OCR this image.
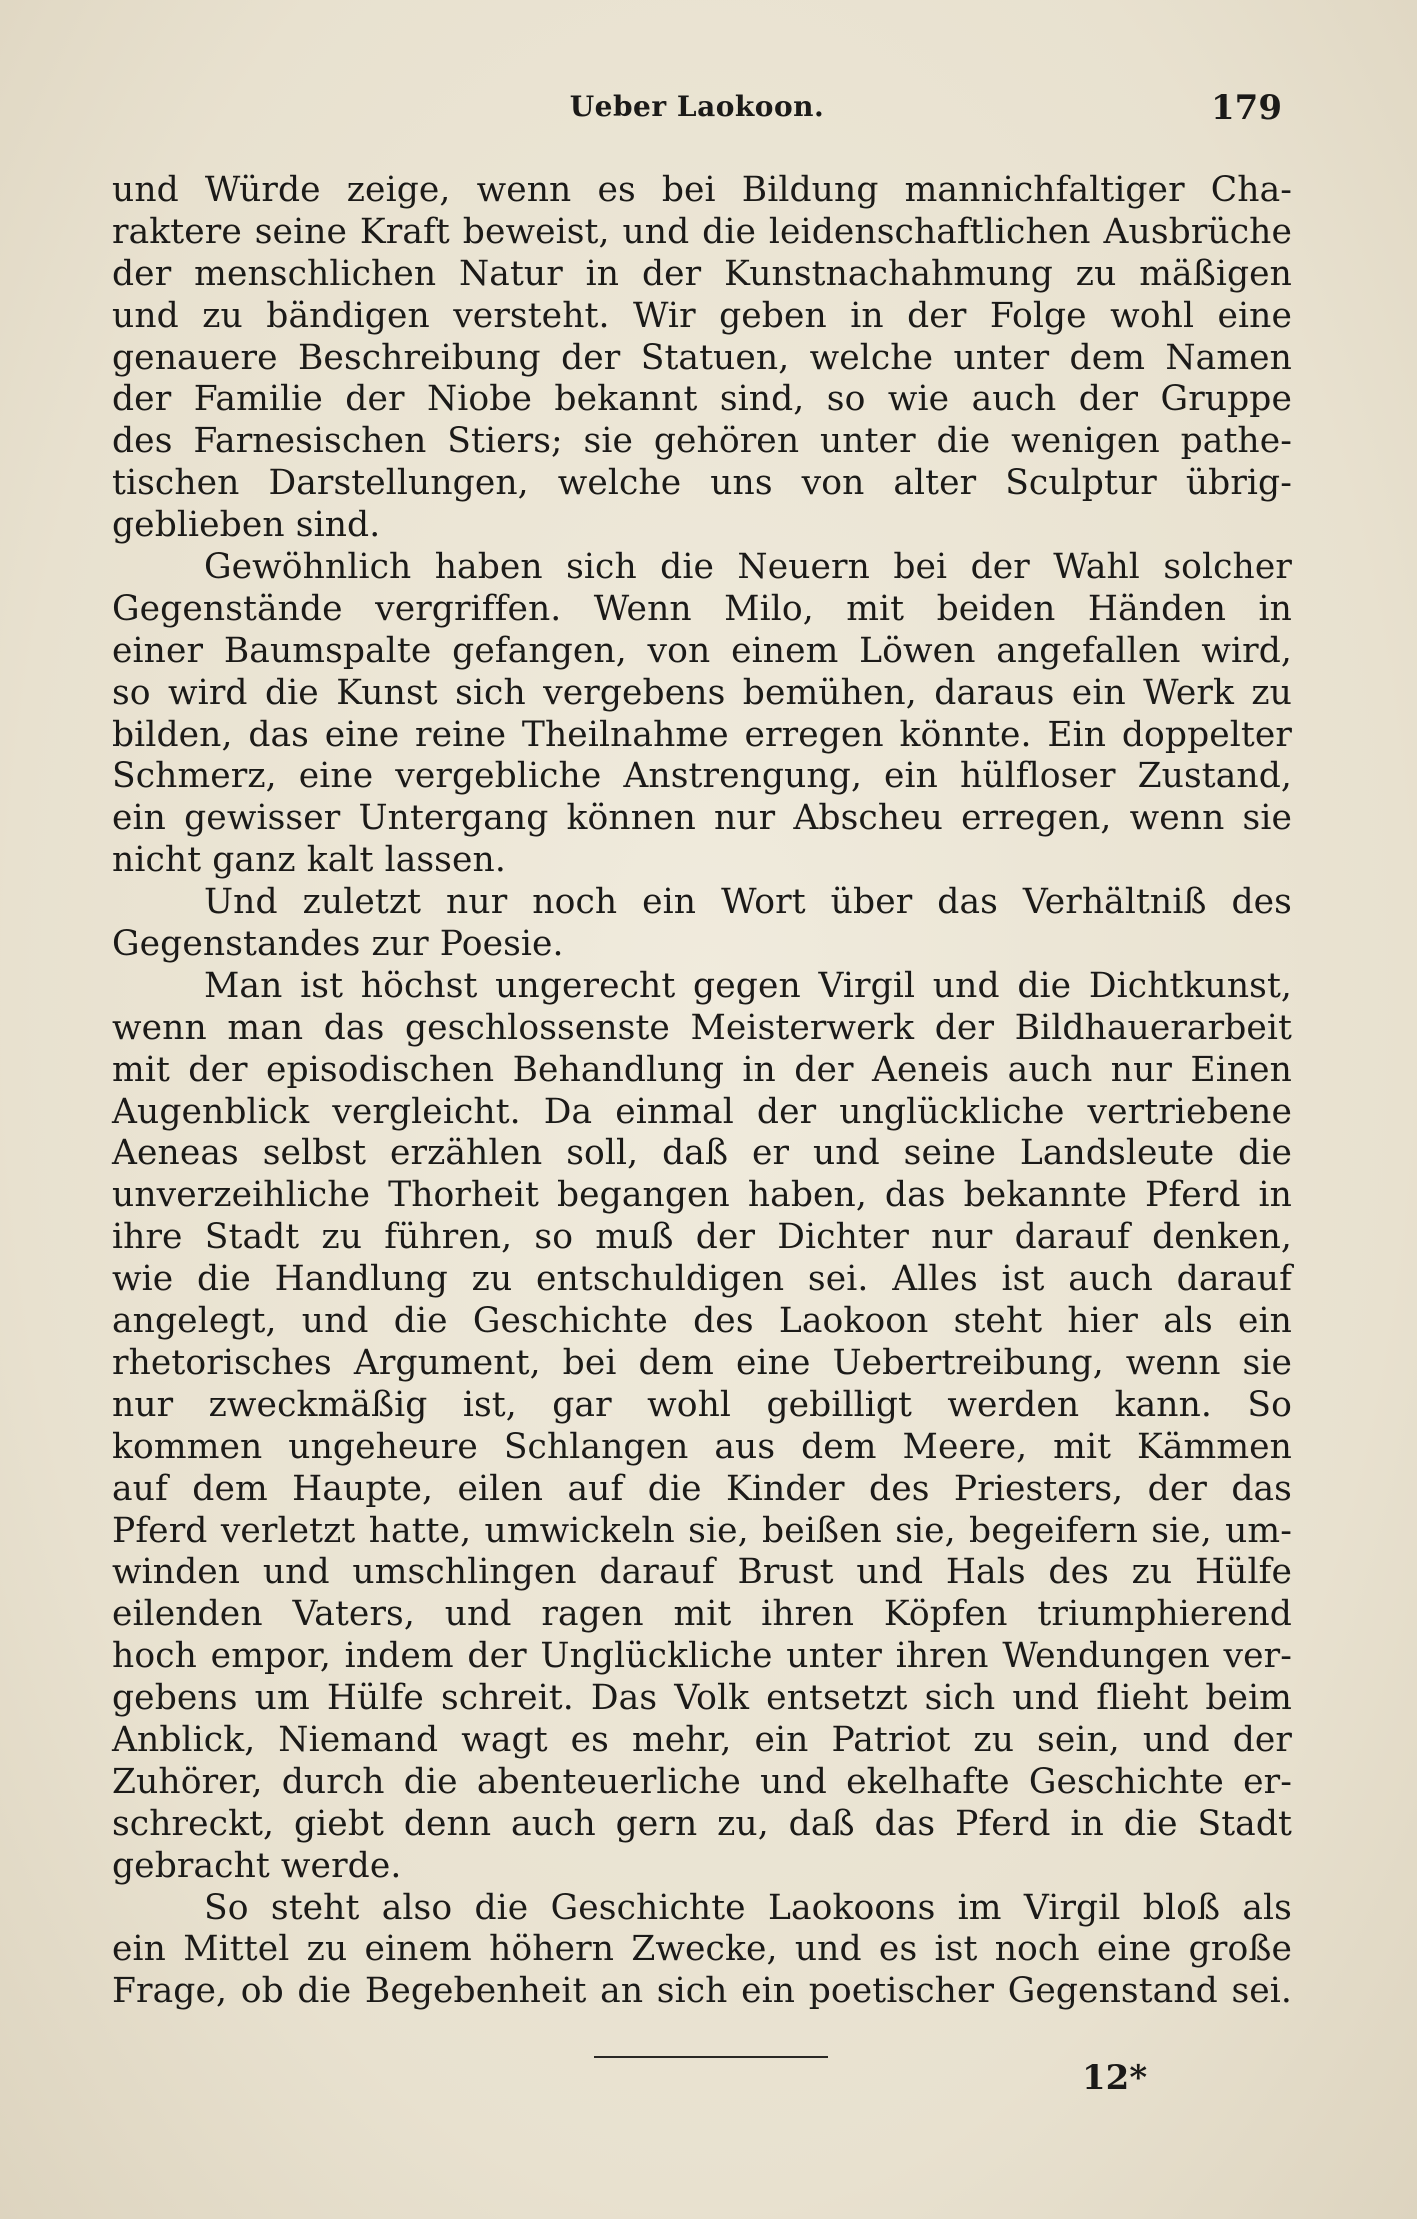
Ueber Laokoon.	179
und Würde zeige, wenn es bei Bildung mannichfaltiger Cha-
raktere seine Kraft beweist, und die leidenschaftlichen Ausbrüche
der menschlichen Natur in der Kunstnachahmung zu mäßigen
und zu bändigen versteht. Wir geben in der Folge wohl eine
genauere Beschreibung der Statuen, welche unter dem Namen
der Familie der Niobe bekannt sind, so wie auch der Gruppe
des Farnesischen Stiers; sie gehören unter die wenigen pathe-
tischen Darstellungen, welche uns von alter Sculptur übrig-
geblieben sind.
Gewöhnlich haben sich die Neuern bei der Wahl solcher
Gegenstände vergriffen. Wenn Milo, mit beiden Händen in
einer Baumspalte gefangen, von einem Löwen angefallen wird,
so wird die Kunst sich vergebens bemühen, daraus ein Werk zu
bilden, das eine reine Theilnahme erregen könnte. Ein doppelter
Schmerz, eine vergebliche Anstrengung, ein hülfloser Zustand,
ein gewisser Untergang können nur Abscheu erregen, wenn sie
nicht ganz kalt lassen.
Und zuletzt nur noch ein Wort über das Verhältniß des
Gegenstandes zur Poesie.
Man ist höchst ungerecht gegen Virgil und die Dichtkunst,
wenn man das geschlossenste Meisterwerk der Bildhauerarbeit
mit der episodischen Behandlung in der Aeneis auch nur Einen
Augenblick vergleicht. Da einmal der unglückliche vertriebene
Aeneas selbst erzählen soll, daß er und seine Landsleute die
unverzeihliche Thorheit begangen haben, das bekannte Pferd in
ihre Stadt zu führen, so muß der Dichter nur darauf denken,
wie die Handlung zu entschuldigen sei. Alles ist auch darauf
angelegt, und die Geschichte des Laokoon steht hier als ein
rhetorisches Argument, bei dem eine Uebertreibung, wenn sie
nur zweckmäßig ist, gar wohl gebilligt werden kann. So
kommen ungeheure Schlangen aus dem Meere, mit Kämmen
auf dem Haupte, eilen auf die Kinder des Priesters, der das
Pferd verletzt hatte, umwickeln sie, beißen sie, begeifern sie, um-
winden und umschlingen darauf Brust und Hals des zu Hülfe
eilenden Vaters, und ragen mit ihren Köpfen triumphierend
hoch empor, indem der Unglückliche unter ihren Wendungen ver-
gebens um Hülfe schreit. Das Volk entsetzt sich und flieht beim
Anblick, Niemand wagt es mehr, ein Patriot zu sein, und der
Zuhörer, durch die abenteuerliche und ekelhafte Geschichte er-
schreckt, giebt denn auch gern zu, daß das Pferd in die Stadt
gebracht werde.
So steht also die Geschichte Laokoons im Virgil bloß als
ein Mittel zu einem höhern Zwecke, und es ist noch eine große
Frage, ob die Begebenheit an sich ein poetischer Gegenstand sei.
12*
